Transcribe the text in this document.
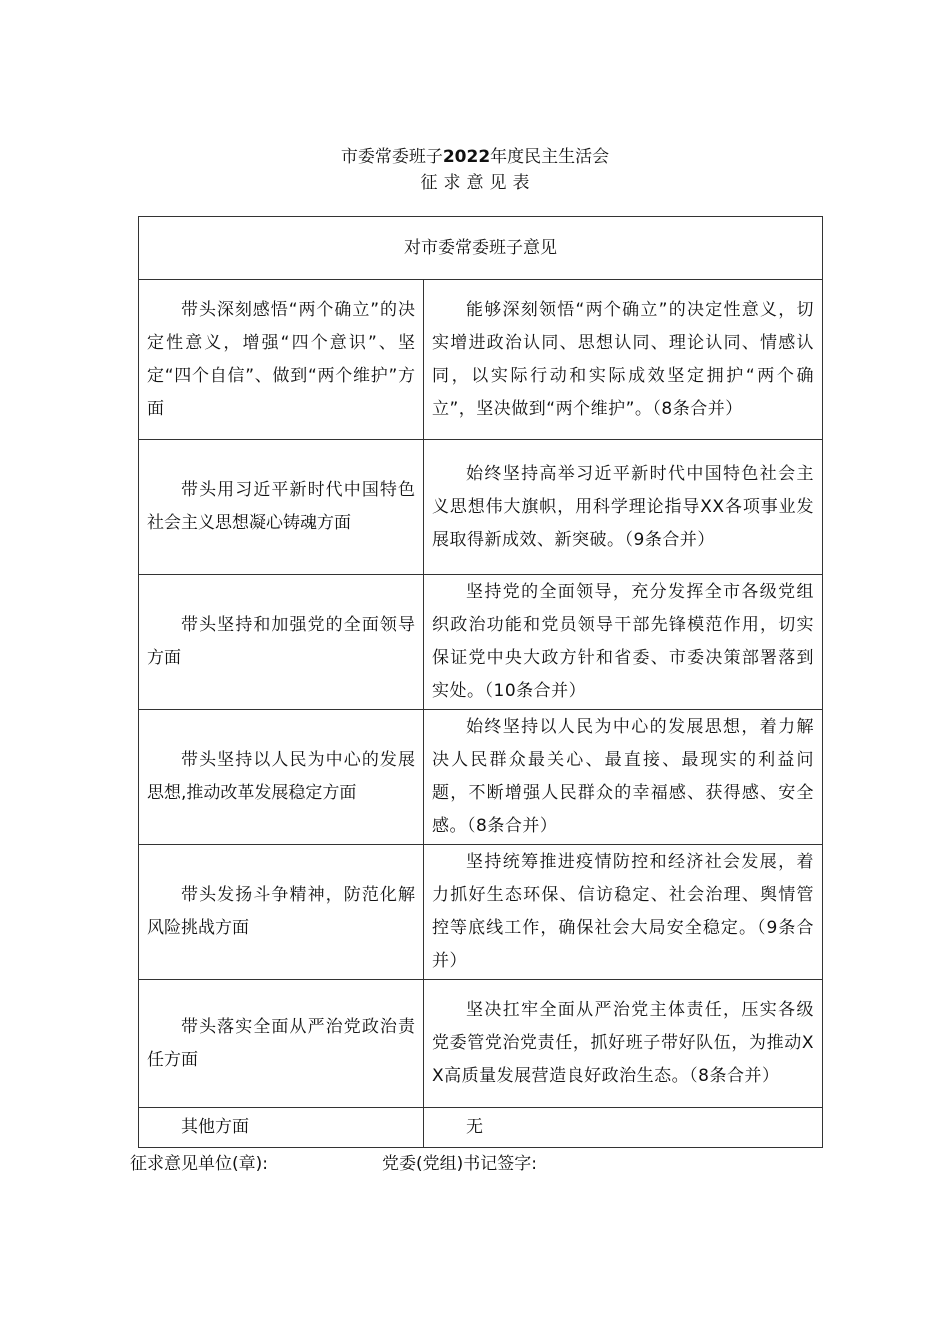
市委常委班子2022年度民主生活会
征求意见表
对市委常委班子意见	

带头深刻感悟“两个确立”的决定性意义，增强“四个意识”、坚定“四个自信”、做到“两个维护”方面	能够深刻领悟“两个确立”的决定性意义，切实增进政治认同、思想认同、理论认同、情感认同，以实际行动和实际成效坚定拥护“两个确立”，坚决做到“两个维护”。（8条合并）

带头用习近平新时代中国特色社会主义思想凝心铸魂方面	始终坚持高举习近平新时代中国特色社会主义思想伟大旗帜，用科学理论指导XX各项事业发展取得新成效、新突破。（9条合并）

带头坚持和加强党的全面领导方面	坚持党的全面领导，充分发挥全市各级党组织政治功能和党员领导干部先锋模范作用，切实保证党中央大政方针和省委、市委决策部署落到实处。（10条合并）

带头坚持以人民为中心的发展思想,推动改革发展稳定方面	始终坚持以人民为中心的发展思想，着力解决人民群众最关心、最直接、最现实的利益问题，不断增强人民群众的幸福感、获得感、安全感。（8条合并）

带头发扬斗争精神，防范化解风险挑战方面	坚持统筹推进疫情防控和经济社会发展，着力抓好生态环保、信访稳定、社会治理、舆情管控等底线工作，确保社会大局安全稳定。（9条合并）

带头落实全面从严治党政治责任方面	坚决扛牢全面从严治党主体责任，压实各级党委管党治党责任，抓好班子带好队伍，为推动XX高质量发展营造良好政治生态。（8条合并）

其他方面	无
征求意见单位(章):	党委(党组)书记签字:
